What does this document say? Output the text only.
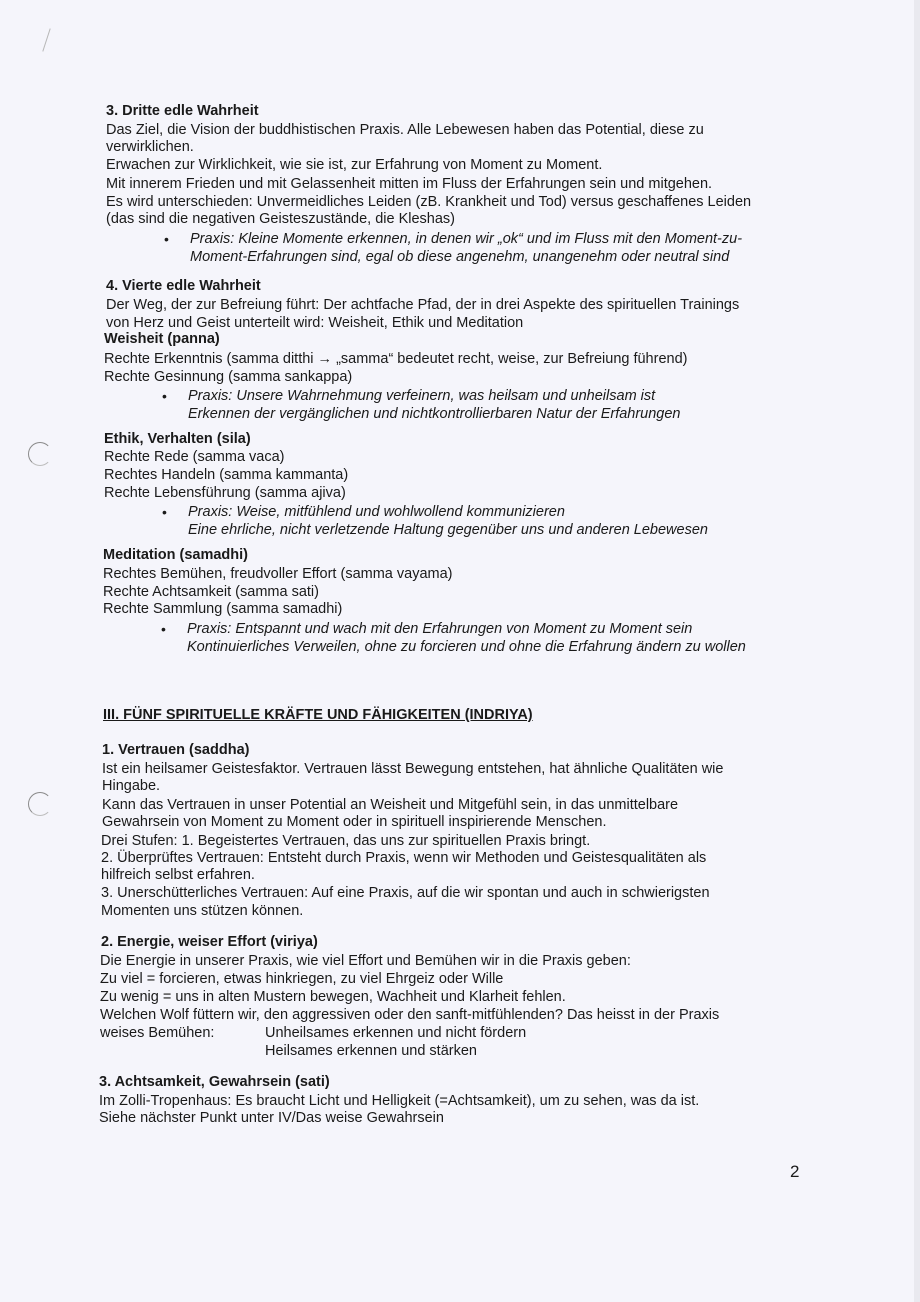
3. Dritte edle Wahrheit
Das Ziel, die Vision der buddhistischen Praxis. Alle Lebewesen haben das Potential, diese zu
verwirklichen.
Erwachen zur Wirklichkeit, wie sie ist, zur Erfahrung von Moment zu Moment.
Mit innerem Frieden und mit Gelassenheit mitten im Fluss der Erfahrungen sein und mitgehen.
Es wird unterschieden: Unvermeidliches Leiden (zB. Krankheit und Tod) versus geschaffenes Leiden
(das sind die negativen Geisteszustände, die Kleshas)
• Praxis: Kleine Momente erkennen, in denen wir „ok“ und im Fluss mit den Moment-zu-
Moment-Erfahrungen sind, egal ob diese angenehm, unangenehm oder neutral sind
4. Vierte edle Wahrheit
Der Weg, der zur Befreiung führt: Der achtfache Pfad, der in drei Aspekte des spirituellen Trainings
von Herz und Geist unterteilt wird: Weisheit, Ethik und Meditation
Weisheit (panna)
Rechte Erkenntnis (samma ditthi → „samma“ bedeutet recht, weise, zur Befreiung führend)
Rechte Gesinnung (samma sankappa)
• Praxis: Unsere Wahrnehmung verfeinern, was heilsam und unheilsam ist
Erkennen der vergänglichen und nichtkontrollierbaren Natur der Erfahrungen
Ethik, Verhalten (sila)
Rechte Rede (samma vaca)
Rechtes Handeln (samma kammanta)
Rechte Lebensführung (samma ajiva)
• Praxis: Weise, mitfühlend und wohlwollend kommunizieren
Eine ehrliche, nicht verletzende Haltung gegenüber uns und anderen Lebewesen
Meditation (samadhi)
Rechtes Bemühen, freudvoller Effort (samma vayama)
Rechte Achtsamkeit (samma sati)
Rechte Sammlung (samma samadhi)
• Praxis: Entspannt und wach mit den Erfahrungen von Moment zu Moment sein
Kontinuierliches Verweilen, ohne zu forcieren und ohne die Erfahrung ändern zu wollen
III. FÜNF SPIRITUELLE KRÄFTE UND FÄHIGKEITEN (INDRIYA)
1. Vertrauen (saddha)
Ist ein heilsamer Geistesfaktor. Vertrauen lässt Bewegung entstehen, hat ähnliche Qualitäten wie
Hingabe.
Kann das Vertrauen in unser Potential an Weisheit und Mitgefühl sein, in das unmittelbare
Gewahrsein von Moment zu Moment oder in spirituell inspirierende Menschen.
Drei Stufen: 1. Begeistertes Vertrauen, das uns zur spirituellen Praxis bringt.
2. Überprüftes Vertrauen: Entsteht durch Praxis, wenn wir Methoden und Geistesqualitäten als
hilfreich selbst erfahren.
3. Unerschütterliches Vertrauen: Auf eine Praxis, auf die wir spontan und auch in schwierigsten
Momenten uns stützen können.
2. Energie, weiser Effort (viriya)
Die Energie in unserer Praxis, wie viel Effort und Bemühen wir in die Praxis geben:
Zu viel = forcieren, etwas hinkriegen, zu viel Ehrgeiz oder Wille
Zu wenig = uns in alten Mustern bewegen, Wachheit und Klarheit fehlen.
Welchen Wolf füttern wir, den aggressiven oder den sanft-mitfühlenden? Das heisst in der Praxis
weises Bemühen:	Unheilsames erkennen und nicht fördern
Heilsames erkennen und stärken
3. Achtsamkeit, Gewahrsein (sati)
Im Zolli-Tropenhaus: Es braucht Licht und Helligkeit (=Achtsamkeit), um zu sehen, was da ist.
Siehe nächster Punkt unter IV/Das weise Gewahrsein
2
